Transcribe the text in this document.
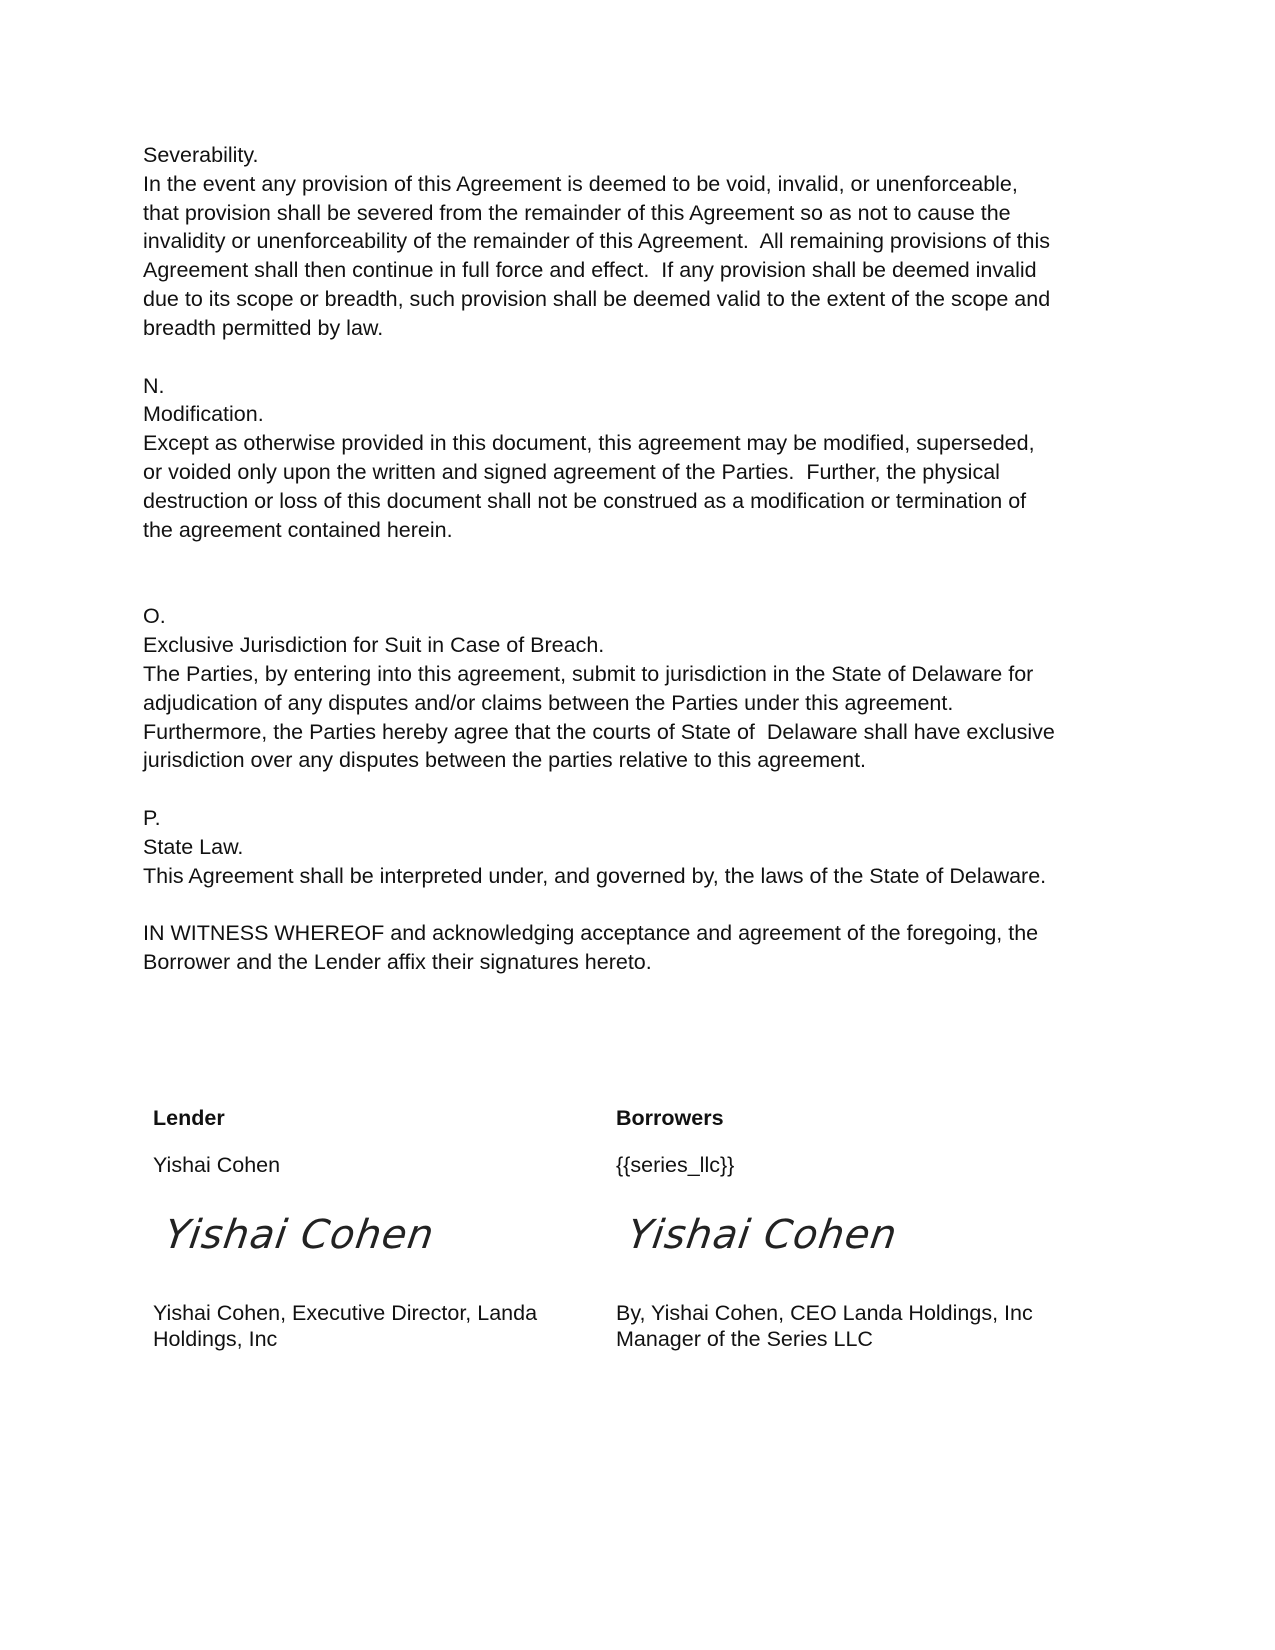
Severability.
In the event any provision of this Agreement is deemed to be void, invalid, or unenforceable,
that provision shall be severed from the remainder of this Agreement so as not to cause the
invalidity or unenforceability of the remainder of this Agreement.  All remaining provisions of this
Agreement shall then continue in full force and effect.  If any provision shall be deemed invalid
due to its scope or breadth, such provision shall be deemed valid to the extent of the scope and
breadth permitted by law.
N.
Modification.
Except as otherwise provided in this document, this agreement may be modified, superseded,
or voided only upon the written and signed agreement of the Parties.  Further, the physical
destruction or loss of this document shall not be construed as a modification or termination of
the agreement contained herein.
O.
Exclusive Jurisdiction for Suit in Case of Breach.
The Parties, by entering into this agreement, submit to jurisdiction in the State of Delaware for
adjudication of any disputes and/or claims between the Parties under this agreement.
Furthermore, the Parties hereby agree that the courts of State of  Delaware shall have exclusive
jurisdiction over any disputes between the parties relative to this agreement.
P.
State Law.
This Agreement shall be interpreted under, and governed by, the laws of the State of Delaware.
IN WITNESS WHEREOF and acknowledging acceptance and agreement of the foregoing, the
Borrower and the Lender affix their signatures hereto.
Lender
Yishai Cohen
Yishai Cohen
Yishai Cohen, Executive Director, Landa
Holdings, Inc
Borrowers
{{series_llc}}
Yishai Cohen
By, Yishai Cohen, CEO Landa Holdings, Inc
Manager of the Series LLC
